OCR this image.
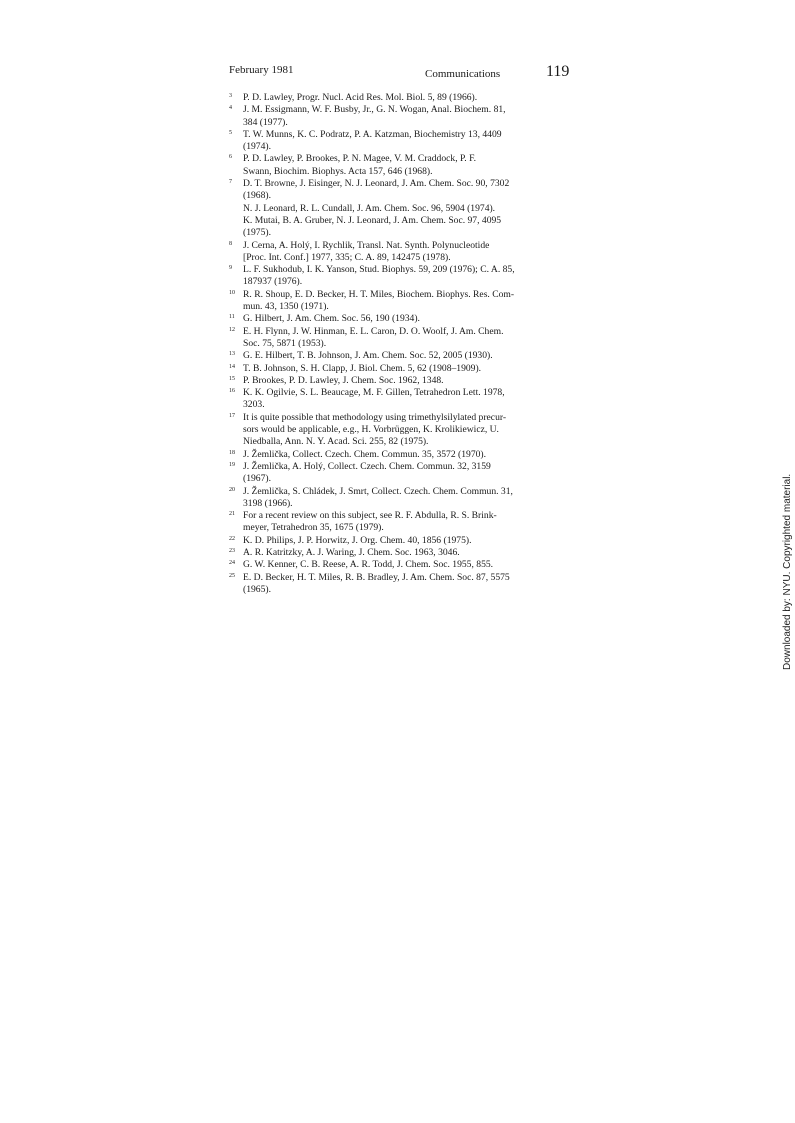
February 1981	Communications	119
3	P. D. Lawley, Progr. Nucl. Acid Res. Mol. Biol. 5, 89 (1966).
4	J. M. Essigmann, W. F. Busby, Jr., G. N. Wogan, Anal. Biochem. 81,
384 (1977).
5	T. W. Munns, K. C. Podratz, P. A. Katzman, Biochemistry 13, 4409
(1974).
6	P. D. Lawley, P. Brookes, P. N. Magee, V. M. Craddock, P. F.
Swann, Biochim. Biophys. Acta 157, 646 (1968).
7	D. T. Browne, J. Eisinger, N. J. Leonard, J. Am. Chem. Soc. 90, 7302
(1968).
N. J. Leonard, R. L. Cundall, J. Am. Chem. Soc. 96, 5904 (1974).
K. Mutai, B. A. Gruber, N. J. Leonard, J. Am. Chem. Soc. 97, 4095
(1975).
8	J. Cerna, A. Holý, I. Rychlik, Transl. Nat. Synth. Polynucleotide
[Proc. Int. Conf.] 1977, 335; C. A. 89, 142475 (1978).
9	L. F. Sukhodub, I. K. Yanson, Stud. Biophys. 59, 209 (1976); C. A. 85,
187937 (1976).
10 R. R. Shoup, E. D. Becker, H. T. Miles, Biochem. Biophys. Res. Com-
mun. 43, 1350 (1971).
11 G. Hilbert, J. Am. Chem. Soc. 56, 190 (1934).
12 E. H. Flynn, J. W. Hinman, E. L. Caron, D. O. Woolf, J. Am. Chem.
Soc. 75, 5871 (1953).
13 G. E. Hilbert, T. B. Johnson, J. Am. Chem. Soc. 52, 2005 (1930).
14 T. B. Johnson, S. H. Clapp, J. Biol. Chem. 5, 62 (1908–1909).
15 P. Brookes, P. D. Lawley, J. Chem. Soc. 1962, 1348.
16 K. K. Ogilvie, S. L. Beaucage, M. F. Gillen, Tetrahedron Lett. 1978,
3203.
17 It is quite possible that methodology using trimethylsilylated precur-
sors would be applicable, e.g., H. Vorbrüggen, K. Krolikiewicz, U.
Niedballa, Ann. N. Y. Acad. Sci. 255, 82 (1975).
18 J. Žemlička, Collect. Czech. Chem. Commun. 35, 3572 (1970).
19 J. Žemlička, A. Holý, Collect. Czech. Chem. Commun. 32, 3159
(1967).
20 J. Žemlička, S. Chládek, J. Smrt, Collect. Czech. Chem. Commun. 31,
3198 (1966).
21 For a recent review on this subject, see R. F. Abdulla, R. S. Brink-
meyer, Tetrahedron 35, 1675 (1979).
22 K. D. Philips, J. P. Horwitz, J. Org. Chem. 40, 1856 (1975).
23 A. R. Katritzky, A. J. Waring, J. Chem. Soc. 1963, 3046.
24 G. W. Kenner, C. B. Reese, A. R. Todd, J. Chem. Soc. 1955, 855.
25 E. D. Becker, H. T. Miles, R. B. Bradley, J. Am. Chem. Soc. 87, 5575
(1965).	Downloaded by: NYU. Copyrighted material.
